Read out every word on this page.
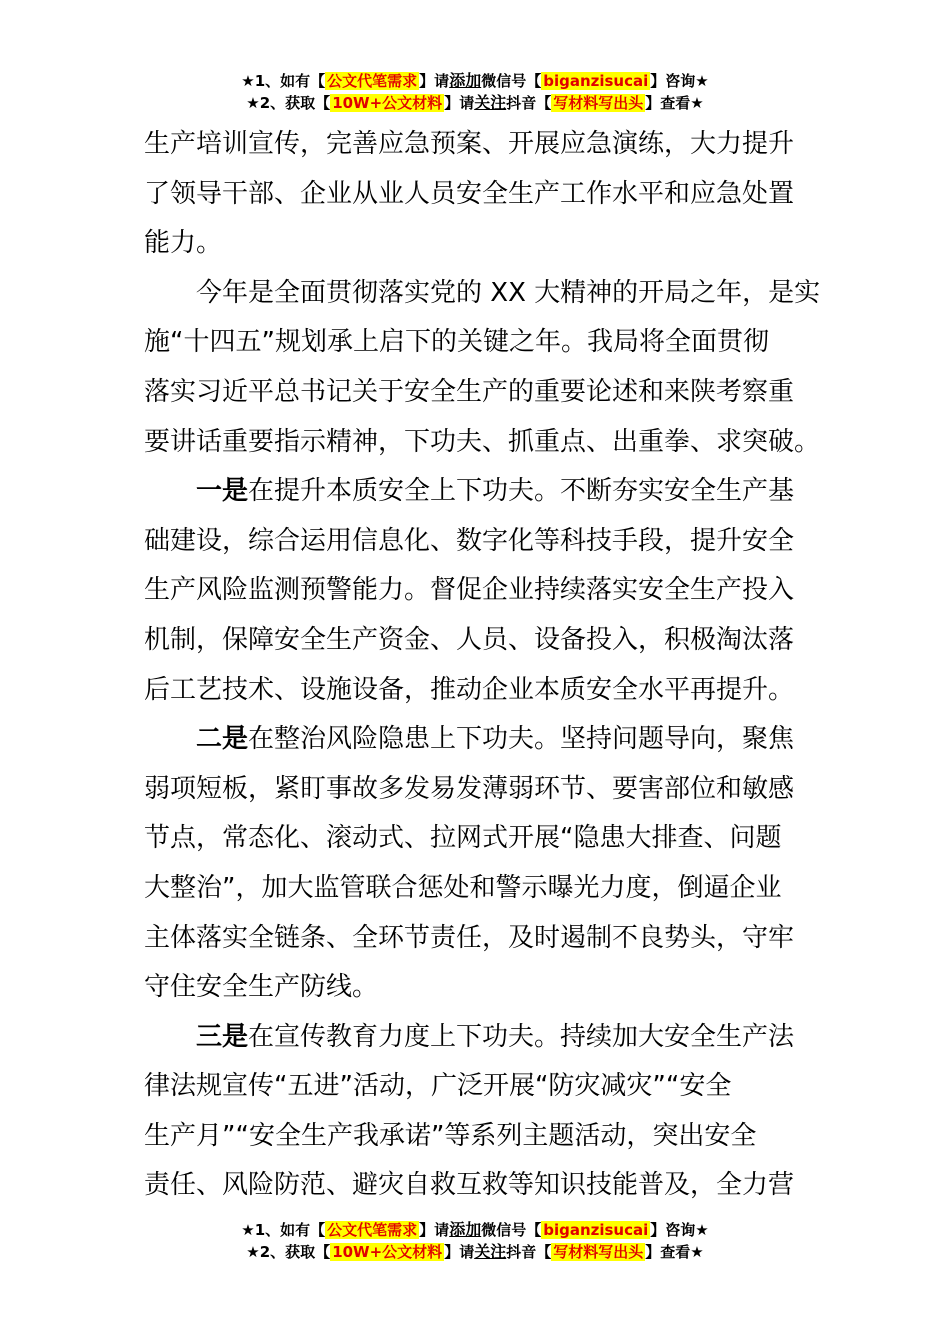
★1、如有【 公文代笔需求 】请添加微信号【 biganzisucai 】咨询★
★2、获取【 10W+公文材料 】请关注抖音【 写材料写出头 】查看★

生产培训宣传，完善应急预案、开展应急演练，大力提升
了领导干部、企业从业人员安全生产工作水平和应急处置
能力。

今年是全面贯彻落实党的 XX 大精神的开局之年，是实
施“十四五”规划承上启下的关键之年。我局将全面贯彻
落实习近平总书记关于安全生产的重要论述和来陕考察重
要讲话重要指示精神，下功夫、抓重点、出重拳、求突破。

一是在提升本质安全上下功夫。不断夯实安全生产基
础建设，综合运用信息化、数字化等科技手段，提升安全
生产风险监测预警能力。督促企业持续落实安全生产投入
机制，保障安全生产资金、人员、设备投入，积极淘汰落
后工艺技术、设施设备，推动企业本质安全水平再提升。

二是在整治风险隐患上下功夫。坚持问题导向，聚焦
弱项短板，紧盯事故多发易发薄弱环节、要害部位和敏感
节点，常态化、滚动式、拉网式开展“隐患大排查、问题
大整治”，加大监管联合惩处和警示曝光力度，倒逼企业
主体落实全链条、全环节责任，及时遏制不良势头，守牢
守住安全生产防线。

三是在宣传教育力度上下功夫。持续加大安全生产法
律法规宣传“五进”活动，广泛开展“防灾减灾”“安全
生产月”“安全生产我承诺”等系列主题活动，突出安全
责任、风险防范、避灾自救互救等知识技能普及，全力营

★1、如有【 公文代笔需求 】请添加微信号【 biganzisucai 】咨询★
★2、获取【 10W+公文材料 】请关注抖音【 写材料写出头 】查看★
